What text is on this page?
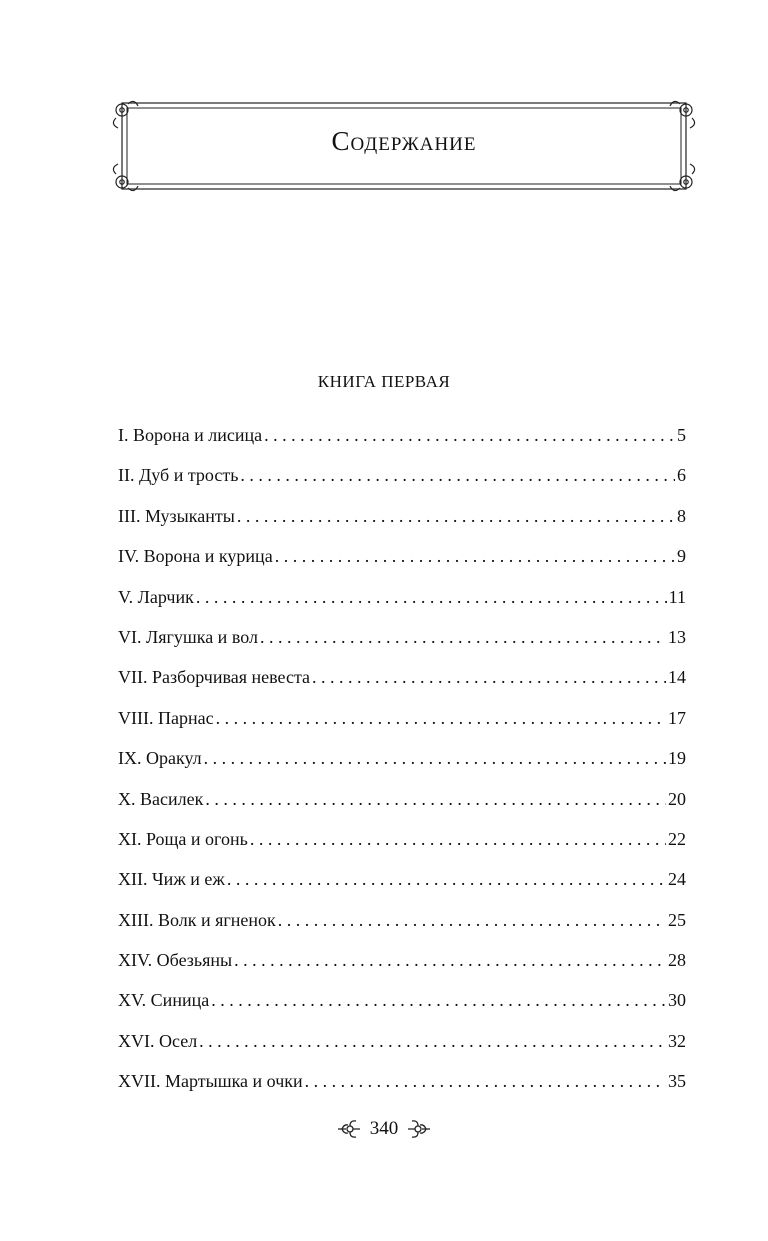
Содержание
КНИГА ПЕРВАЯ
I. Ворона и лисица . . .	5
II. Дуб и трость . . .	6
III. Музыканты . . .	8
IV. Ворона и курица . . .	9
V. Ларчик . . .	11
VI. Лягушка и вол . . .	13
VII. Разборчивая невеста . . .	14
VIII. Парнас . . .	17
IX. Оракул . . .	19
X. Василек . . .	20
XI. Роща и огонь . . .	22
XII. Чиж и еж . . .	24
XIII. Волк и ягненок . . .	25
XIV. Обезьяны . . .	28
XV. Синица . . .	30
XVI. Осел . . .	32
XVII. Мартышка и очки . . .	35
340
